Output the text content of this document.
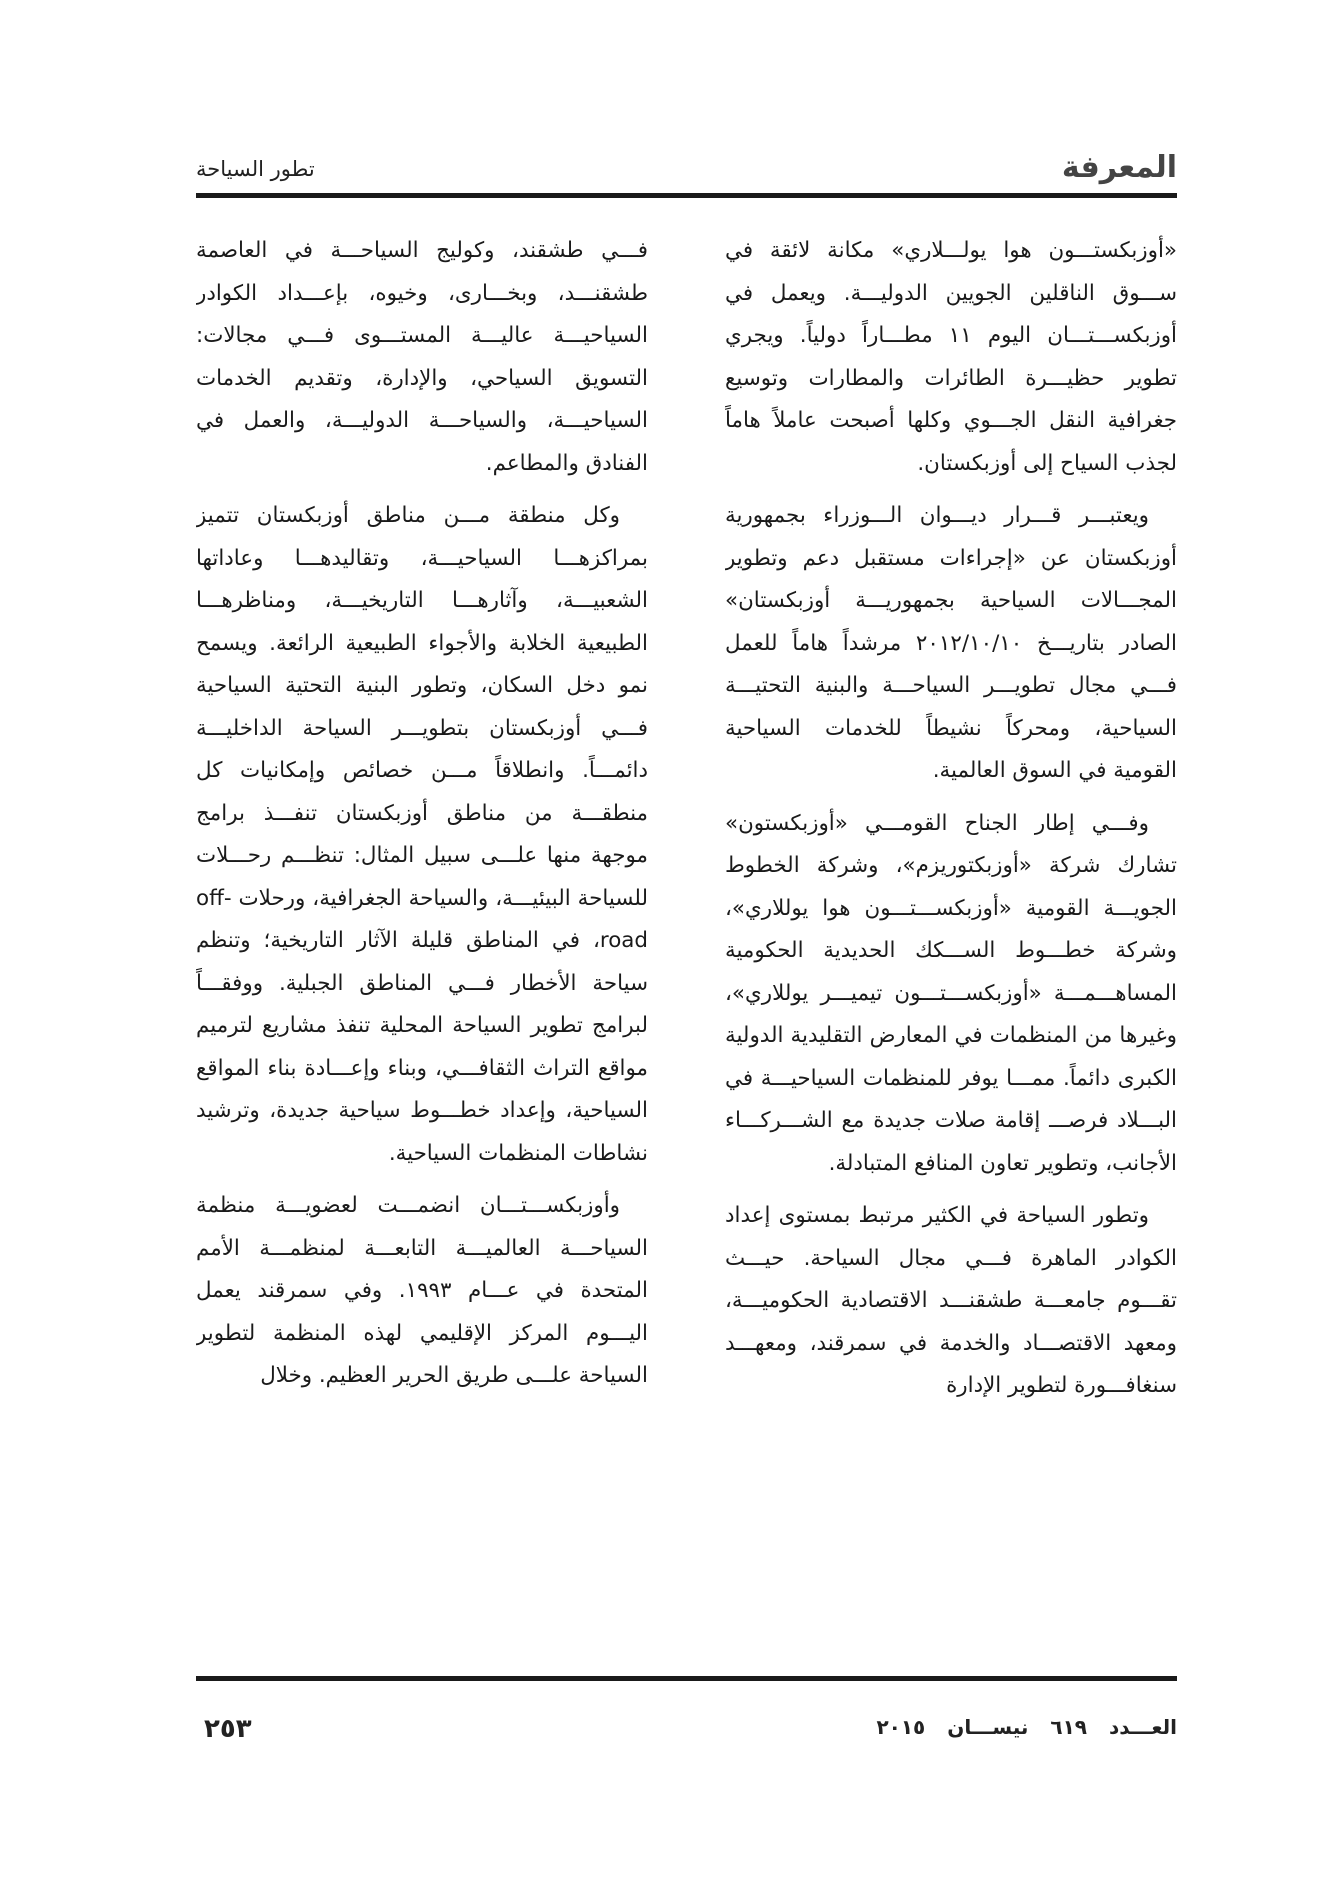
المعرفة
تطور السياحة

«أوزبكستـــون هوا يولـــلاري» مكانة لائقة في ســـوق الناقلين الجويين الدوليـــة. ويعمل في أوزبكســـتـــان اليوم ١١ مطـــاراً دولياً. ويجري تطوير حظيـــرة الطائرات والمطارات وتوسيع جغرافية النقل الجـــوي وكلها أصبحت عاملاً هاماً لجذب السياح إلى أوزبكستان.

ويعتبـــر قـــرار ديـــوان الـــوزراء بجمهورية أوزبكستان عن «إجراءات مستقبل دعم وتطوير المجـــالات السياحية بجمهوريـــة أوزبكستان» الصادر بتاريـــخ ٢٠١٢/١٠/١٠ مرشداً هاماً للعمل فـــي مجال تطويـــر السياحـــة والبنية التحتيـــة السياحية، ومحركاً نشيطاً للخدمات السياحية القومية في السوق العالمية.

وفـــي إطار الجناح القومـــي «أوزبكستون» تشارك شركة «أوزبكتوريزم»، وشركة الخطوط الجويـــة القومية «أوزبكســـتـــون هوا يوللاري»، وشركة خطـــوط الســـكك الحديدية الحكومية المساهـــمـــة «أوزبكســـتـــون تيميـــر يوللاري»، وغيرها من المنظمات في المعارض التقليدية الدولية الكبرى دائماً. ممـــا يوفر للمنظمات السياحيـــة في البـــلاد فرصـــ إقامة صلات جديدة مع الشـــركـــاء الأجانب، وتطوير تعاون المنافع المتبادلة.

وتطور السياحة في الكثير مرتبط بمستوى إعداد الكوادر الماهرة فـــي مجال السياحة. حيـــث تقـــوم جامعـــة طشقنـــد الاقتصادية الحكوميـــة، ومعهد الاقتصـــاد والخدمة في سمرقند، ومعهـــد سنغافـــورة لتطوير الإدارة

فـــي طشقند، وكوليج السياحـــة في العاصمة طشقنـــد، وبخـــارى، وخيوه، بإعـــداد الكوادر السياحيـــة عاليـــة المستـــوى فـــي مجالات: التسويق السياحي، والإدارة، وتقديم الخدمات السياحيـــة، والسياحـــة الدوليـــة، والعمل في الفنادق والمطاعم.

وكل منطقة مـــن مناطق أوزبكستان تتميز بمراكزهـــا السياحيـــة، وتقاليدهـــا وعاداتها الشعبيـــة، وآثارهـــا التاريخيـــة، ومناظرهـــا الطبيعية الخلابة والأجواء الطبيعية الرائعة. ويسمح نمو دخل السكان، وتطور البنية التحتية السياحية فـــي أوزبكستان بتطويـــر السياحة الداخليـــة دائمـــاً. وانطلاقاً مـــن خصائص وإمكانيات كل منطقـــة من مناطق أوزبكستان تنفـــذ برامج موجهة منها علـــى سبيل المثال: تنظـــم رحـــلات للسياحة البيئيـــة، والسياحة الجغرافية، ورحلات off-road، في المناطق قليلة الآثار التاريخية؛ وتنظم سياحة الأخطار فـــي المناطق الجبلية. ووفقـــاً لبرامج تطوير السياحة المحلية تنفذ مشاريع لترميم مواقع التراث الثقافـــي، وبناء وإعـــادة بناء المواقع السياحية، وإعداد خطـــوط سياحية جديدة، وترشيد نشاطات المنظمات السياحية.

وأوزبكســـتـــان انضمـــت لعضويـــة منظمة السياحـــة العالميـــة التابعـــة لمنظمـــة الأمم المتحدة في عـــام ١٩٩٣. وفي سمرقند يعمل اليـــوم المركز الإقليمي لهذه المنظمة لتطوير السياحة علـــى طريق الحرير العظيم. وخلال

العـــدد٦١٩نيســـان٢٠١٥
٢٥٣
